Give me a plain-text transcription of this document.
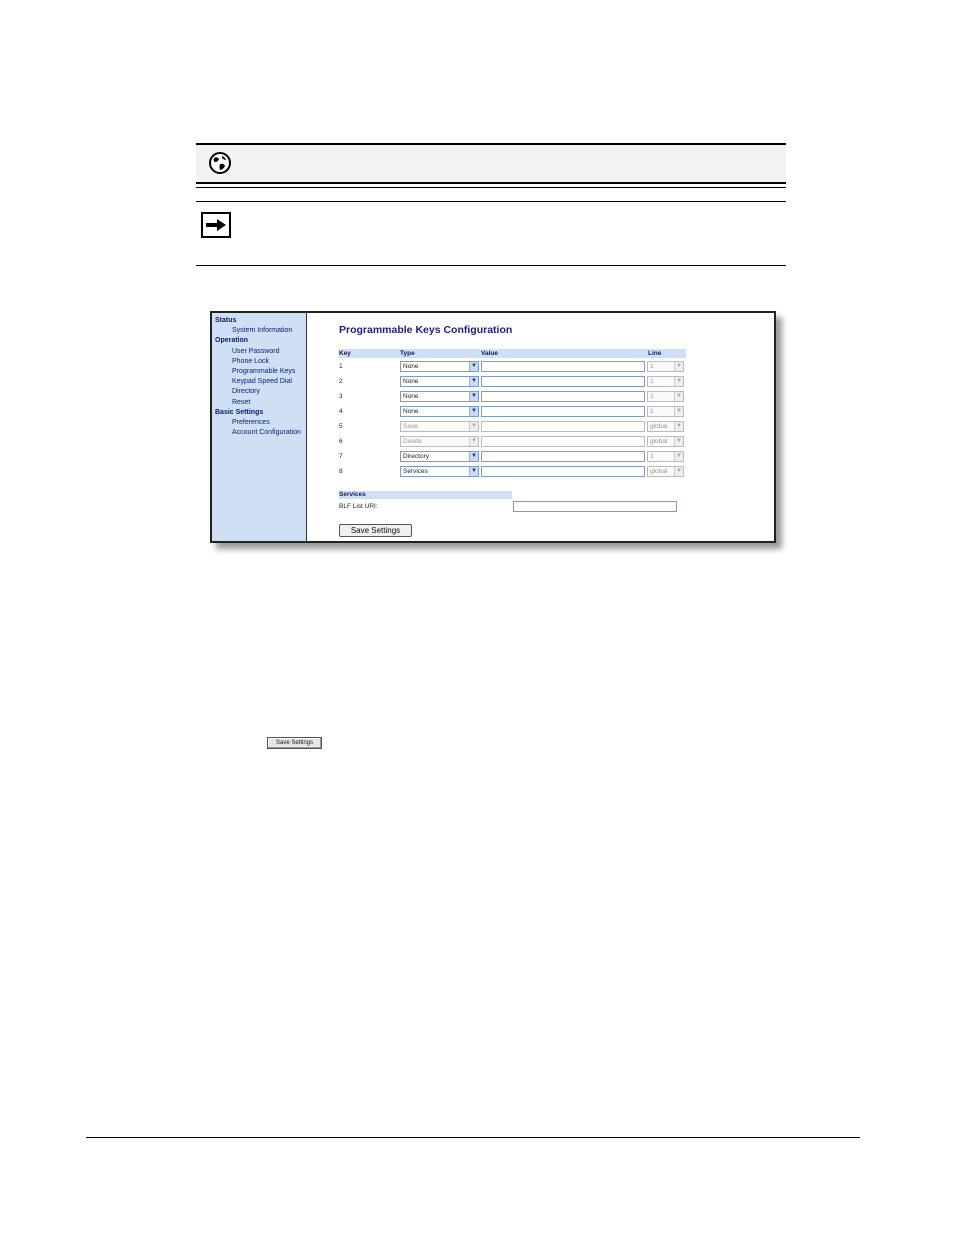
Status
System Information
Operation
User Password
Phone Lock
Programmable Keys
Keypad Speed Dial
Directory
Reset
Basic Settings
Preferences
Account Configuration
Programmable Keys Configuration
Key	Type	Value	Line
1	None	▼	1	▼
2	None	▼	1	▼
3	None	▼	1	▼
4	None	▼	1	▼
5	Save	▼	global	▼
6	Delete	▼	global	▼
7	Directory	▼	1	▼
8	Services	▼	global	▼
Services
BLF List URI:
Save Settings
Save Settings
